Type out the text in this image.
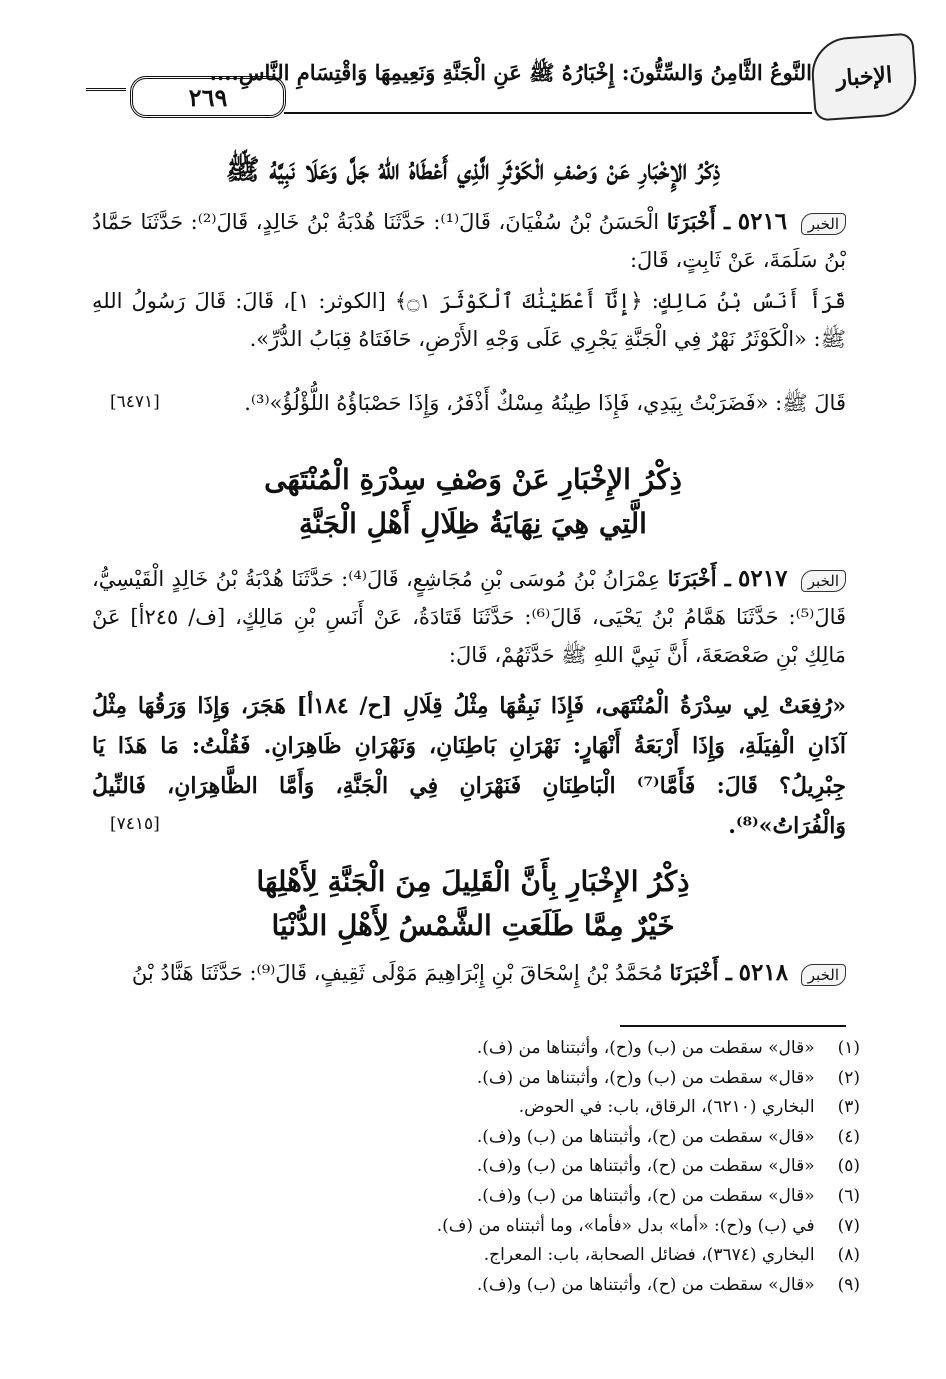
الإخبار
النَّوعُ الثَّامِنُ وَالسِّتُّونَ: إِخْبَارُهُ ﷺ عَنِ الْجَنَّةِ وَنَعِيمِهَا وَاقْتِسَامِ النَّاسِ....
٢٦٩
ذِكْرُ الإِخْبَارِ عَنْ وَصْفِ الْكَوْثَرِ الَّذِي أَعْطَاهُ اللهُ جَلَّ وَعَلَا نَبِيَّهُ ﷺ
الخبر ٥٢١٦ ـ أَخْبَرَنَا الْحَسَنُ بْنُ سُفْيَانَ، قَالَ⁽¹⁾: حَدَّثَنَا هُدْبَةُ بْنُ خَالِدٍ، قَالَ⁽²⁾: حَدَّثَنَا حَمَّادُ بْنُ سَلَمَةَ، عَنْ ثَابِتٍ، قَالَ:
قَرَأَ أَنَسُ بْنُ مَالِكٍ: ﴿إِنَّآ أَعْطَيْنَٰكَ ٱلْكَوْثَرَ ۝١﴾ [الكوثر: ١]، قَالَ: قَالَ رَسُولُ اللهِ ﷺ: «الْكَوْثَرُ نَهْرٌ فِي الْجَنَّةِ يَجْرِي عَلَى وَجْهِ الأَرْضِ، حَافَتَاهُ قِبَابُ الدُّرِّ».
قَالَ ﷺ: «فَضَرَبْتُ بِيَدِي، فَإِذَا طِينُهُ مِسْكٌ أَذْفَرُ، وَإِذَا حَصْبَاؤُهُ اللُّؤْلُؤُ»⁽³⁾.
[٦٤٧١]
ذِكْرُ الإِخْبَارِ عَنْ وَصْفِ سِدْرَةِ الْمُنْتَهَى
الَّتِي هِيَ نِهَايَةُ ظِلَالِ أَهْلِ الْجَنَّةِ
الخبر ٥٢١٧ ـ أَخْبَرَنَا عِمْرَانُ بْنُ مُوسَى بْنِ مُجَاشِعٍ، قَالَ⁽⁴⁾: حَدَّثَنَا هُدْبَةُ بْنُ خَالِدٍ الْقَيْسِيُّ، قَالَ⁽⁵⁾: حَدَّثَنَا هَمَّامُ بْنُ يَحْيَى، قَالَ⁽⁶⁾: حَدَّثَنَا قَتَادَةُ، عَنْ أَنَسِ بْنِ مَالِكٍ، [ف/ ٢٤٥أ] عَنْ مَالِكِ بْنِ صَعْصَعَةَ، أَنَّ نَبِيَّ اللهِ ﷺ حَدَّثَهُمْ، قَالَ:
«رُفِعَتْ لِي سِدْرَةُ الْمُنْتَهَى، فَإِذَا نَبِقُهَا مِثْلُ قِلَالِ [ح/ ١٨٤أ] هَجَرَ، وَإِذَا وَرَقُهَا مِثْلُ آذَانِ الْفِيَلَةِ، وَإِذَا أَرْبَعَةُ أَنْهَارٍ: نَهْرَانِ بَاطِنَانِ، وَنَهْرَانِ ظَاهِرَانِ. فَقُلْتُ: مَا هَذَا يَا جِبْرِيلُ؟ قَالَ: فَأَمَّا⁽⁷⁾ الْبَاطِنَانِ فَنَهْرَانِ فِي الْجَنَّةِ، وَأَمَّا الظَّاهِرَانِ، فَالنِّيلُ وَالْفُرَاتُ»⁽⁸⁾.
[٧٤١٥]
ذِكْرُ الإِخْبَارِ بِأَنَّ الْقَلِيلَ مِنَ الْجَنَّةِ لِأَهْلِهَا
خَيْرٌ مِمَّا طَلَعَتِ الشَّمْسُ لِأَهْلِ الدُّنْيَا
الخبر ٥٢١٨ ـ أَخْبَرَنَا مُحَمَّدُ بْنُ إِسْحَاقَ بْنِ إِبْرَاهِيمَ مَوْلَى ثَقِيفٍ، قَالَ⁽⁹⁾: حَدَّثَنَا هَنَّادُ بْنُ
(١) «قال» سقطت من (ب) و(ح)، وأثبتناها من (ف).
(٢) «قال» سقطت من (ب) و(ح)، وأثبتناها من (ف).
(٣) البخاري (٦٢١٠)، الرقاق، باب: في الحوض.
(٤) «قال» سقطت من (ح)، وأثبتناها من (ب) و(ف).
(٥) «قال» سقطت من (ح)، وأثبتناها من (ب) و(ف).
(٦) «قال» سقطت من (ح)، وأثبتناها من (ب) و(ف).
(٧) في (ب) و(ح): «أما» بدل «فأما»، وما أثبتناه من (ف).
(٨) البخاري (٣٦٧٤)، فضائل الصحابة، باب: المعراج.
(٩) «قال» سقطت من (ح)، وأثبتناها من (ب) و(ف).
